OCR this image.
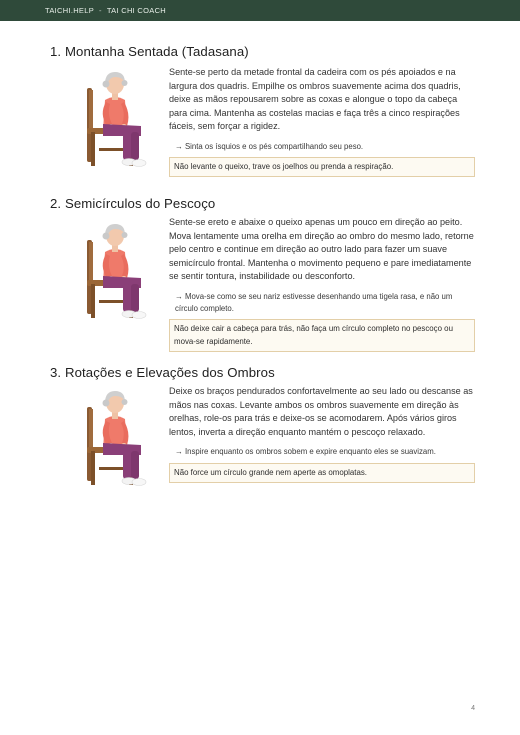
TAICHI.HELP - TAI CHI COACH
1. Montanha Sentada (Tadasana)

Sente-se perto da metade frontal da cadeira com os pés apoiados e na largura dos quadris. Empilhe os ombros suavemente acima dos quadris, deixe as mãos repousarem sobre as coxas e alongue o topo da cabeça para cima. Mantenha as costelas macias e faça três a cinco respirações fáceis, sem forçar a rigidez.

→ Sinta os ísquios e os pés compartilhando seu peso.
Não levante o queixo, trave os joelhos ou prenda a respiração.
2. Semicírculos do Pescoço

Sente-se ereto e abaixe o queixo apenas um pouco em direção ao peito. Mova lentamente uma orelha em direção ao ombro do mesmo lado, retorne pelo centro e continue em direção ao outro lado para fazer um suave semicírculo frontal. Mantenha o movimento pequeno e pare imediatamente se sentir tontura, instabilidade ou desconforto.

→ Mova-se como se seu nariz estivesse desenhando uma tigela rasa, e não um círculo completo.
Não deixe cair a cabeça para trás, não faça um círculo completo no pescoço ou mova-se rapidamente.
3. Rotações e Elevações dos Ombros

Deixe os braços pendurados confortavelmente ao seu lado ou descanse as mãos nas coxas. Levante ambos os ombros suavemente em direção às orelhas, role-os para trás e deixe-os se acomodarem. Após vários giros lentos, inverta a direção enquanto mantém o pescoço relaxado.

→ Inspire enquanto os ombros sobem e expire enquanto eles se suavizam.
Não force um círculo grande nem aperte as omoplatas.
4
